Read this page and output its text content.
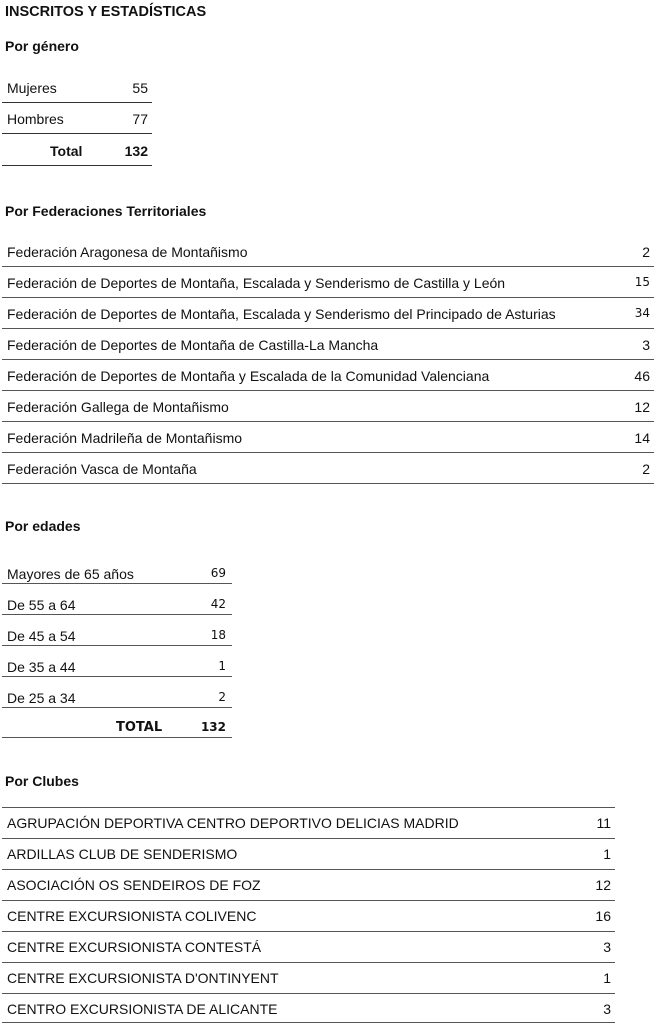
INSCRITOS Y ESTADÍSTICAS
Por género
Mujeres	55
Hombres	77
Total	132
Por Federaciones Territoriales
Federación Aragonesa de Montañismo	2
Federación de Deportes de Montaña, Escalada y Senderismo de Castilla y León	15
Federación de Deportes de Montaña, Escalada y Senderismo del Principado de Asturias	34
Federación de Deportes de Montaña de Castilla-La Mancha	3
Federación de Deportes de Montaña y Escalada de la Comunidad Valenciana	46
Federación Gallega de Montañismo	12
Federación Madrileña de Montañismo	14
Federación Vasca de Montaña	2
Por edades
Mayores de 65 años	69
De 55 a 64	42
De 45 a 54	18
De 35 a 44	1
De 25 a 34	2
TOTAL	132
Por Clubes
AGRUPACIÓN DEPORTIVA CENTRO DEPORTIVO DELICIAS MADRID	11
ARDILLAS CLUB DE SENDERISMO	1
ASOCIACIÓN OS SENDEIROS DE FOZ	12
CENTRE EXCURSIONISTA COLIVENC	16
CENTRE EXCURSIONISTA CONTESTÁ	3
CENTRE EXCURSIONISTA D'ONTINYENT	1
CENTRO EXCURSIONISTA DE ALICANTE	3
